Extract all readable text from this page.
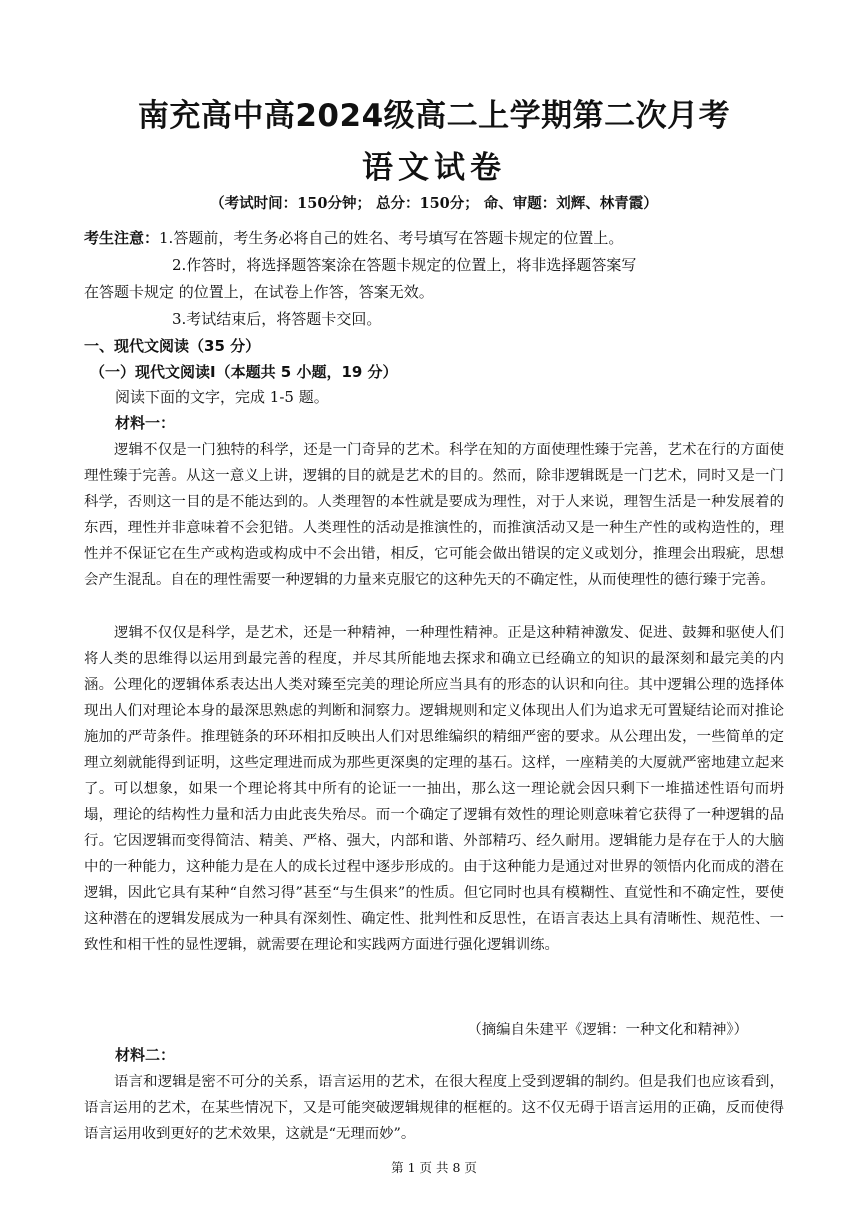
南充高中高2024级高二上学期第二次月考
语文试卷
（考试时间：150分钟； 总分：150分； 命、审题：刘辉、林青霞）
考生注意：1.答题前，考生务必将自己的姓名、考号填写在答题卡规定的位置上。
2.作答时，将选择题答案涂在答题卡规定的位置上，将非选择题答案写
在答题卡规定 的位置上，在试卷上作答，答案无效。
3.考试结束后，将答题卡交回。
一、现代文阅读（35 分）
（一）现代文阅读Ⅰ（本题共 5 小题，19 分）
阅读下面的文字，完成 1-5 题。
材料一：
逻辑不仅是一门独特的科学，还是一门奇异的艺术。科学在知的方面使理性臻于完善，艺术在行的方面使理性臻于完善。从这一意义上讲，逻辑的目的就是艺术的目的。然而，除非逻辑既是一门艺术，同时又是一门科学，否则这一目的是不能达到的。人类理智的本性就是要成为理性，对于人来说，理智生活是一种发展着的东西，理性并非意味着不会犯错。人类理性的活动是推演性的，而推演活动又是一种生产性的或构造性的，理性并不保证它在生产或构造或构成中不会出错，相反，它可能会做出错误的定义或划分，推理会出瑕疵，思想会产生混乱。自在的理性需要一种逻辑的力量来克服它的这种先天的不确定性，从而使理性的德行臻于完善。
逻辑不仅仅是科学，是艺术，还是一种精神，一种理性精神。正是这种精神激发、促进、鼓舞和驱使人们将人类的思维得以运用到最完善的程度，并尽其所能地去探求和确立已经确立的知识的最深刻和最完美的内涵。公理化的逻辑体系表达出人类对臻至完美的理论所应当具有的形态的认识和向往。其中逻辑公理的选择体现出人们对理论本身的最深思熟虑的判断和洞察力。逻辑规则和定义体现出人们为追求无可置疑结论而对推论施加的严苛条件。推理链条的环环相扣反映出人们对思维编织的精细严密的要求。从公理出发，一些简单的定理立刻就能得到证明，这些定理进而成为那些更深奥的定理的基石。这样，一座精美的大厦就严密地建立起来了。可以想象，如果一个理论将其中所有的论证一一抽出，那么这一理论就会因只剩下一堆描述性语句而坍塌，理论的结构性力量和活力由此丧失殆尽。而一个确定了逻辑有效性的理论则意味着它获得了一种逻辑的品行。它因逻辑而变得简洁、精美、严格、强大，内部和谐、外部精巧、经久耐用。逻辑能力是存在于人的大脑中的一种能力，这种能力是在人的成长过程中逐步形成的。由于这种能力是通过对世界的领悟内化而成的潜在逻辑，因此它具有某种“自然习得”甚至“与生俱来”的性质。但它同时也具有模糊性、直觉性和不确定性，要使这种潜在的逻辑发展成为一种具有深刻性、确定性、批判性和反思性，在语言表达上具有清晰性、规范性、一致性和相干性的显性逻辑，就需要在理论和实践两方面进行强化逻辑训练。
（摘编自朱建平《逻辑：一种文化和精神》）
材料二：
语言和逻辑是密不可分的关系，语言运用的艺术，在很大程度上受到逻辑的制约。但是我们也应该看到，语言运用的艺术，在某些情况下，又是可能突破逻辑规律的框框的。这不仅无碍于语言运用的正确，反而使得语言运用收到更好的艺术效果，这就是“无理而妙”。
第 1 页 共 8 页
